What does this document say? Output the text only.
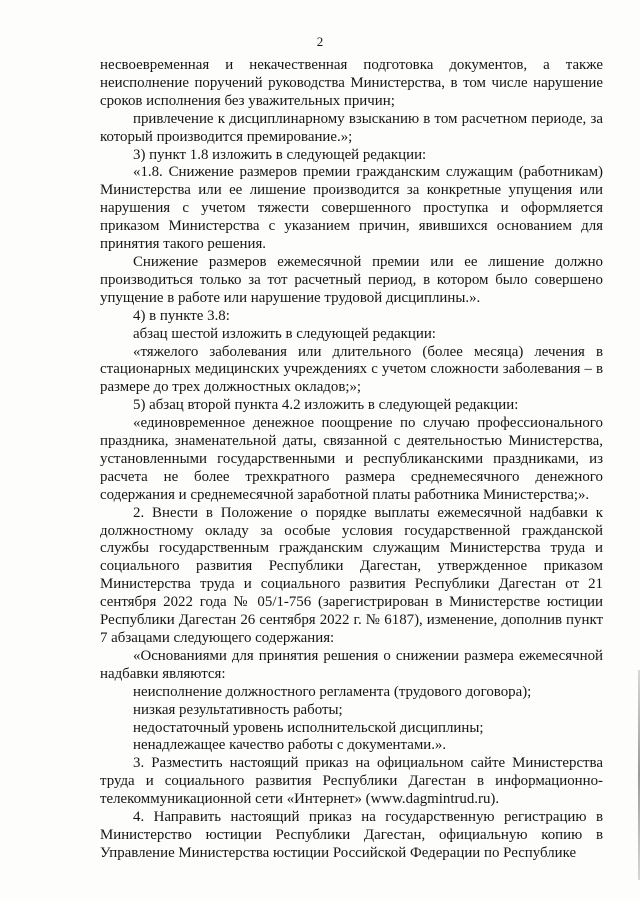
2

несвоевременная и некачественная подготовка документов, а также неисполнение поручений руководства Министерства, в том числе нарушение сроков исполнения без уважительных причин;

привлечение к дисциплинарному взысканию в том расчетном периоде, за который производится премирование.»;

3) пункт 1.8 изложить в следующей редакции:

«1.8. Снижение размеров премии гражданским служащим (работникам) Министерства или ее лишение производится за конкретные упущения или нарушения с учетом тяжести совершенного проступка и оформляется приказом Министерства с указанием причин, явившихся основанием для принятия такого решения.

Снижение размеров ежемесячной премии или ее лишение должно производиться только за тот расчетный период, в котором было совершено упущение в работе или нарушение трудовой дисциплины.».

4) в пункте 3.8:

абзац шестой изложить в следующей редакции:

«тяжелого заболевания или длительного (более месяца) лечения в стационарных медицинских учреждениях с учетом сложности заболевания – в размере до трех должностных окладов;»;

5) абзац второй пункта 4.2 изложить в следующей редакции:

«единовременное денежное поощрение по случаю профессионального праздника, знаменательной даты, связанной с деятельностью Министерства, установленными государственными и республиканскими праздниками, из расчета не более трехкратного размера среднемесячного денежного содержания и среднемесячной заработной платы работника Министерства;».

2. Внести в Положение о порядке выплаты ежемесячной надбавки к должностному окладу за особые условия государственной гражданской службы государственным гражданским служащим Министерства труда и социального развития Республики Дагестан, утвержденное приказом Министерства труда и социального развития Республики Дагестан от 21 сентября 2022 года № 05/1-756 (зарегистрирован в Министерстве юстиции Республики Дагестан 26 сентября 2022 г. № 6187), изменение, дополнив пункт 7 абзацами следующего содержания:

«Основаниями для принятия решения о снижении размера ежемесячной надбавки являются:

неисполнение должностного регламента (трудового договора);

низкая результативность работы;

недостаточный уровень исполнительской дисциплины;

ненадлежащее качество работы с документами.».

3. Разместить настоящий приказ на официальном сайте Министерства труда и социального развития Республики Дагестан в информационно-телекоммуникационной сети «Интернет» (www.dagmintrud.ru).

4. Направить настоящий приказ на государственную регистрацию в Министерство юстиции Республики Дагестан, официальную копию в Управление Министерства юстиции Российской Федерации по Республике
